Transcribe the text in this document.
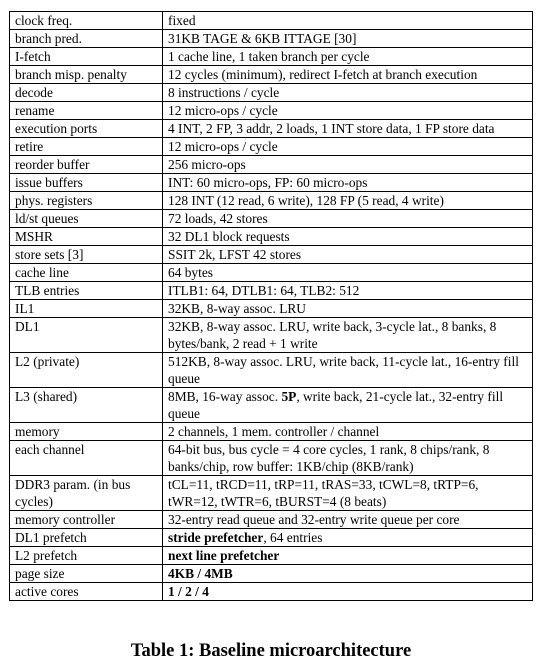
clock freq.	fixed
branch pred.	31KB TAGE & 6KB ITTAGE [30]
I-fetch	1 cache line, 1 taken branch per cycle
branch misp. penalty	12 cycles (minimum), redirect I-fetch at branch execution
decode	8 instructions / cycle
rename	12 micro-ops / cycle
execution ports	4 INT, 2 FP, 3 addr, 2 loads, 1 INT store data, 1 FP store data
retire	12 micro-ops / cycle
reorder buffer	256 micro-ops
issue buffers	INT: 60 micro-ops, FP: 60 micro-ops
phys. registers	128 INT (12 read, 6 write), 128 FP (5 read, 4 write)
ld/st queues	72 loads, 42 stores
MSHR	32 DL1 block requests
store sets [3]	SSIT 2k, LFST 42 stores
cache line	64 bytes
TLB entries	ITLB1: 64, DTLB1: 64, TLB2: 512
IL1	32KB, 8-way assoc. LRU
DL1	32KB, 8-way assoc. LRU, write back, 3-cycle lat., 8 banks, 8 bytes/bank, 2 read + 1 write
L2 (private)	512KB, 8-way assoc. LRU, write back, 11-cycle lat., 16-entry fill queue
L3 (shared)	8MB, 16-way assoc. 5P, write back, 21-cycle lat., 32-entry fill queue
memory	2 channels, 1 mem. controller / channel
each channel	64-bit bus, bus cycle = 4 core cycles, 1 rank, 8 chips/rank, 8 banks/chip, row buffer: 1KB/chip (8KB/rank)
DDR3 param. (in bus cycles)	tCL=11, tRCD=11, tRP=11, tRAS=33, tCWL=8, tRTP=6, tWR=12, tWTR=6, tBURST=4 (8 beats)
memory controller	32-entry read queue and 32-entry write queue per core
DL1 prefetch	stride prefetcher, 64 entries
L2 prefetch	next line prefetcher
page size	4KB / 4MB
active cores	1 / 2 / 4
Table 1: Baseline microarchitecture
